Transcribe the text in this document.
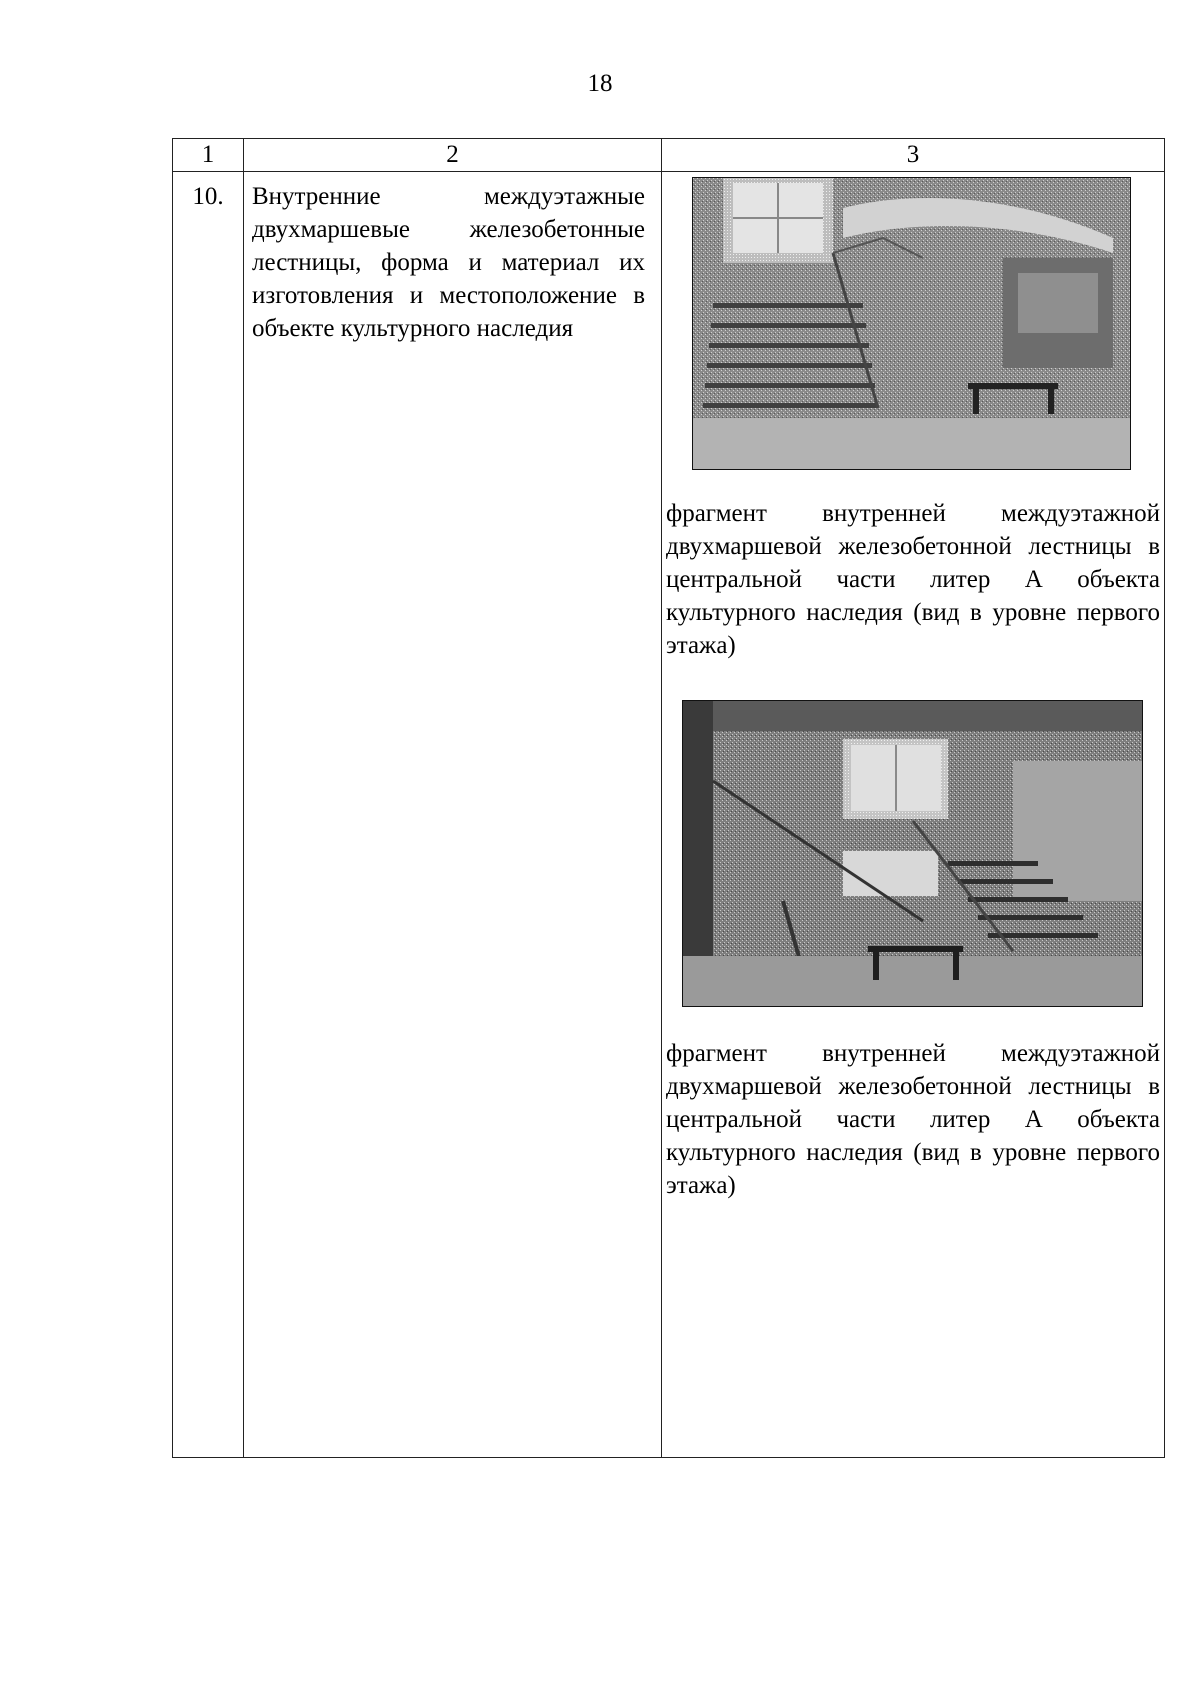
18
1	2	3

10.	Внутренние междуэтажные двухмаршевые железобетонные лестницы, форма и материал их изготовления и местоположение в объекте культурного наследия	фрагмент внутренней междуэтажной двухмаршевой железобетонной лестницы в центральной части литер А объекта культурного наследия (вид в уровне первого этажа)
фрагмент внутренней междуэтажной двухмаршевой железобетонной лестницы в центральной части литер А объекта культурного наследия (вид в уровне первого этажа)
